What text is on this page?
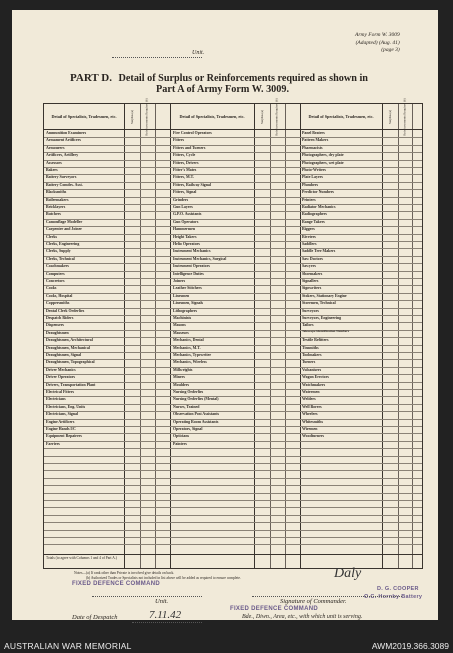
Unit.
Army Form W. 3009
(Adapted) (Aug. 41)
(page 3)
PART D. Detail of Surplus or Reinforcements required as shown in
Part A of Army Form W. 3009.
Detail of Specialists, Tradesmen, etc.	Surplus (a)	Reinforcements Required (b)	Detail of Specialists, Tradesmen, etc.	Surplus (a)	Reinforcements Required (b)	Detail of Specialists, Tradesmen, etc.	Surplus (a)	Reinforcements Required (b)
Ammunition Examiners
Armament Artificers
Armourers
Artificers, Artillery
Assessors
Bakers
Battery Surveyors
Battery Comdrs. Asst.
Blacksmiths
Boilermakers
Bricklayers
Butchers
Camouflage Modeller
Carpenter and Joiner
Clerks
Clerks, Engineering
Clerks, Supply
Clerks, Technical
Coachmakers
Computers
Concretors
Cooks
Cooks, Hospital
Coppersmiths
Dental Clerk Orderlies
Despatch Riders
Dispensers
Draughtsmen
Draughtsmen, Architectural
Draughtsmen, Mechanical
Draughtsmen, Signal
Draughtsmen, Topographical
Driver Mechanics
Driver Operators
Drivers, Transportation Plant
Electrical Fitters
Electricians
Electricians, Eng. Units
Electricians, Signal
Engine Artificers
Engine Hands I/C
Equipment Repairers
Farriers
Fire Control Operators
Fitters
Fitters and Turners
Fitters, Cycle
Fitters, Drivers
Fitter's Mates
Fitters, M.T.
Fitters, Railway Signal
Fitters, Signal
Grinders
Gun Layers
G.P.O. Assistants
Gun Operators
Hammermen
Height Takers
Helio Operators
Instrument Mechanics
Instrument Mechanics, Surgical
Instrument Operators
Intelligence Duties
Joiners
Leather Stitchers
Linesmen
Linesmen, Signals
Lithographers
Machinists
Masons
Masseurs
Mechanics, Dental
Mechanics, M.T.
Mechanics, Typewriter
Mechanics, Wireless
Millwrights
Miners
Moulders
Nursing Orderlies
Nursing Orderlies (Mental)
Nurses, Trained
Observation Post Assistants
Operating Room Assistants
Operators, Signal
Opticians
Painters
Panel Beaters
Pattern Makers
Pharmacists
Photographers, dry plate
Photographers, wet plate
Photo-Writers
Plate Layers
Plumbers
Predictor Numbers
Printers
Radiator Mechanics
Radiographers
Range Takers
Riggers
Riveters
Saddlers
Saddle Tree Makers
Saw Doctors
Sawyers
Shoemakers
Signallers
Signwriters
Stokers, Stationary Engine
Storemen, Technical
Surveyors
Surveyors, Engineering
Tailors
Telescope Identification Numbers
Textile Refitters
Tinsmiths
Toolmakers
Turners
Vulcanisers
Wagon Erectors
Watchmakers
Watermen
Welders
Well Borers
Wheelers
Whitesmiths
Wiremen
Woodturners
Totals (to agree with Columns 1 and 4 of Part A.)
Notes—(a) If rank other than Private is involved give details on back.
(b) Authorized Trades or Specialists not included in list above will be added as required to ensure complete.
FIXED DEFENCE COMMAND
FIXED DEFENCE COMMAND
D. G. COOPER
O.C. Hornby Battery
Daly
Unit.	Signature of Commander.
Date of Despatch	7.11.42	Bde., Diwn., Area, etc., with which unit is serving.
AUSTRALIAN WAR MEMORIAL	AWM2019.366.3089
